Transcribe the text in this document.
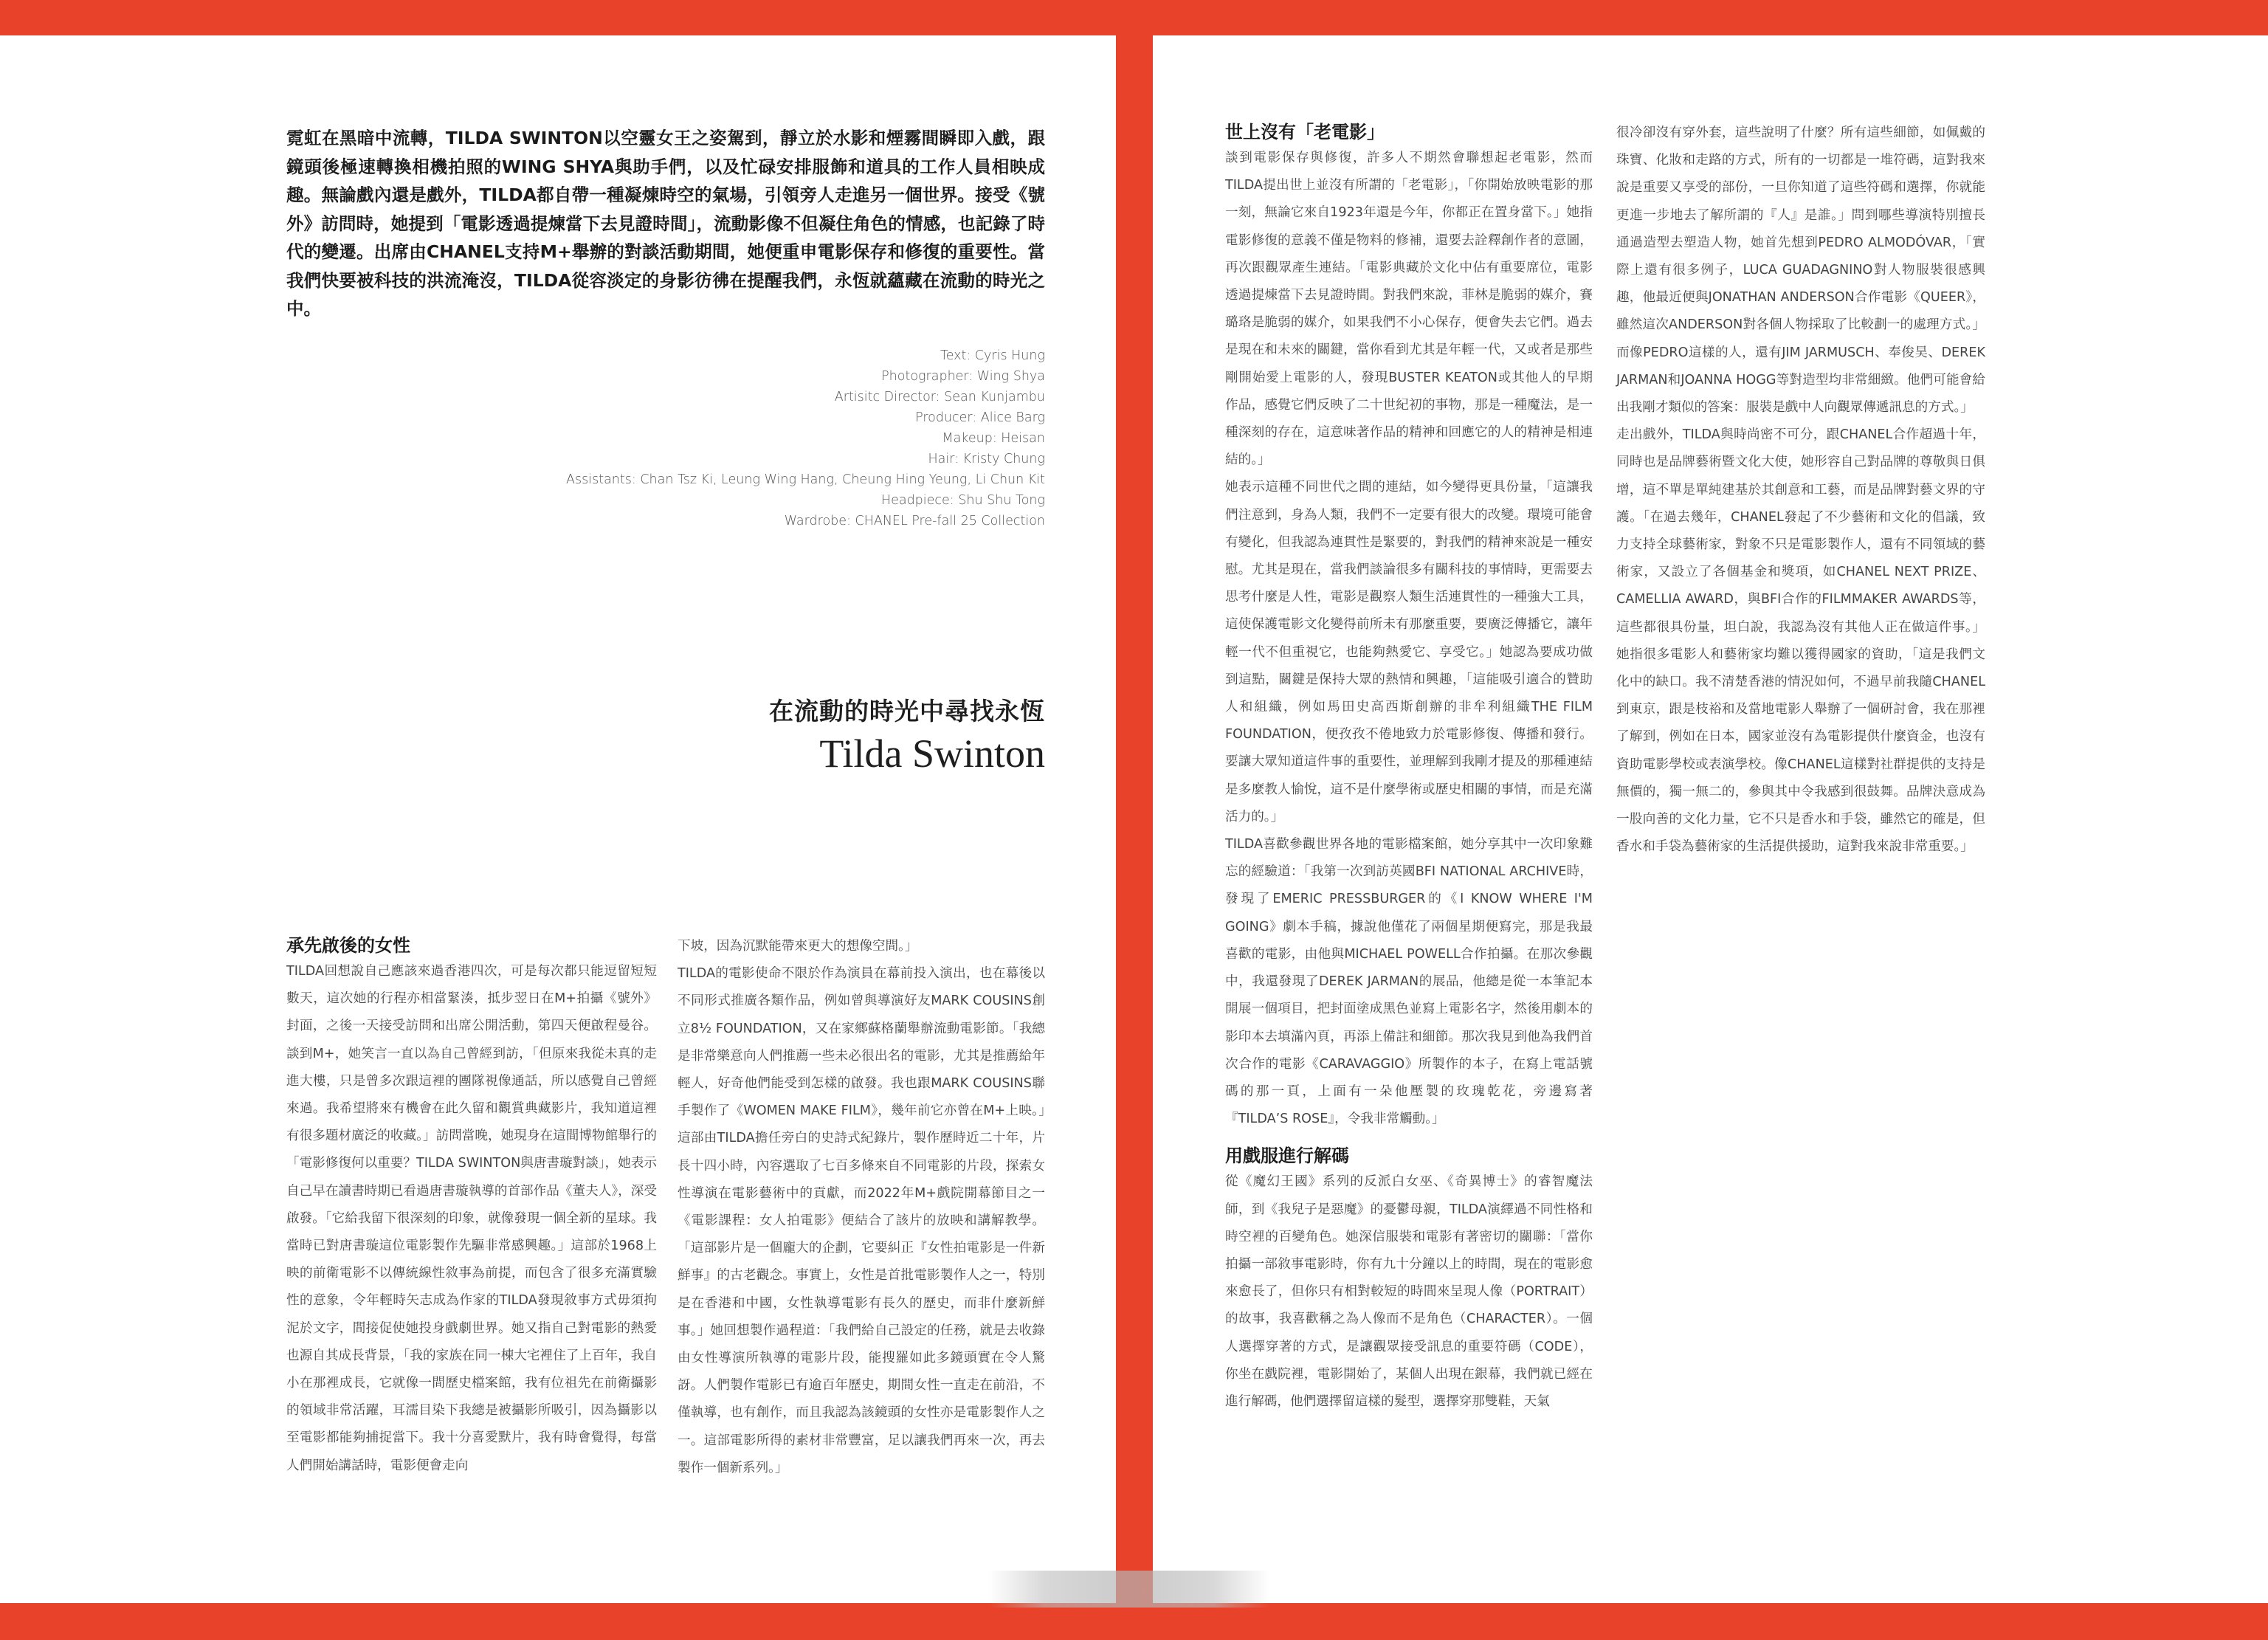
霓虹在黑暗中流轉，TILDA SWINTON以空靈女王之姿駕到，靜立於水影和煙霧間瞬即入戲，跟鏡頭後極速轉換相機拍照的WING SHYA與助手們，以及忙碌安排服飾和道具的工作人員相映成趣。無論戲內還是戲外，TILDA都自帶一種凝煉時空的氣場，引領旁人走進另一個世界。接受《號外》訪問時，她提到「電影透過提煉當下去見證時間」，流動影像不但凝住角色的情感，也記錄了時代的變遷。出席由CHANEL支持M+舉辦的對談活動期間，她便重申電影保存和修復的重要性。當我們快要被科技的洪流淹沒，TILDA從容淡定的身影彷彿在提醒我們，永恆就蘊藏在流動的時光之中。

Text: Cyris Hung
Photographer: Wing Shya
Artisitc Director: Sean Kunjambu
Producer: Alice Barg
Makeup: Heisan
Hair: Kristy Chung
Assistants: Chan Tsz Ki, Leung Wing Hang, Cheung Hing Yeung, Li Chun Kit
Headpiece: Shu Shu Tong
Wardrobe: CHANEL Pre-fall 25 Collection
在流動的時光中尋找永恆
Tilda Swinton
承先啟後的女性

TILDA回想說自己應該來過香港四次，可是每次都只能逗留短短數天，這次她的行程亦相當緊湊，抵步翌日在M+拍攝《號外》封面，之後一天接受訪問和出席公開活動，第四天便啟程曼谷。談到M+，她笑言一直以為自己曾經到訪，「但原來我從未真的走進大樓，只是曾多次跟這裡的團隊視像通話，所以感覺自己曾經來過。我希望將來有機會在此久留和觀賞典藏影片，我知道這裡有很多題材廣泛的收藏。」訪問當晚，她現身在這間博物館舉行的「電影修復何以重要？TILDA SWINTON與唐書璇對談」，她表示自己早在讀書時期已看過唐書璇執導的首部作品《董夫人》，深受啟發。「它給我留下很深刻的印象，就像發現一個全新的星球。我當時已對唐書璇這位電影製作先驅非常感興趣。」這部於1968上映的前衛電影不以傳統線性敘事為前提，而包含了很多充滿實驗性的意象，令年輕時矢志成為作家的TILDA發現敘事方式毋須拘泥於文字，間接促使她投身戲劇世界。她又指自己對電影的熱愛也源自其成長背景，「我的家族在同一棟大宅裡住了上百年，我自小在那裡成長，它就像一間歷史檔案館，我有位祖先在前衛攝影的領域非常活躍，耳濡目染下我總是被攝影所吸引，因為攝影以至電影都能夠捕捉當下。我十分喜愛默片，我有時會覺得，每當人們開始講話時，電影便會走向

下坡，因為沉默能帶來更大的想像空間。」

TILDA的電影使命不限於作為演員在幕前投入演出，也在幕後以不同形式推廣各類作品，例如曾與導演好友MARK COUSINS創立8½ FOUNDATION，又在家鄉蘇格蘭舉辦流動電影節。「我總是非常樂意向人們推薦一些未必很出名的電影，尤其是推薦給年輕人，好奇他們能受到怎樣的啟發。我也跟MARK COUSINS聯手製作了《WOMEN MAKE FILM》，幾年前它亦曾在M+上映。」這部由TILDA擔任旁白的史詩式紀錄片，製作歷時近二十年，片長十四小時，內容選取了七百多條來自不同電影的片段，探索女性導演在電影藝術中的貢獻，而2022年M+戲院開幕節目之一《電影課程：女人拍電影》便結合了該片的放映和講解教學。「這部影片是一個龐大的企劃，它要糾正『女性拍電影是一件新鮮事』的古老觀念。事實上，女性是首批電影製作人之一，特別是在香港和中國，女性執導電影有長久的歷史，而非什麼新鮮事。」她回想製作過程道：「我們給自己設定的任務，就是去收錄由女性導演所執導的電影片段，能搜羅如此多鏡頭實在令人驚訝。人們製作電影已有逾百年歷史，期間女性一直走在前沿，不僅執導，也有創作，而且我認為該鏡頭的女性亦是電影製作人之一。這部電影所得的素材非常豐富，足以讓我們再來一次，再去製作一個新系列。」

世上沒有「老電影」

談到電影保存與修復，許多人不期然會聯想起老電影，然而TILDA提出世上並沒有所謂的「老電影」，「你開始放映電影的那一刻，無論它來自1923年還是今年，你都正在置身當下。」她指電影修復的意義不僅是物料的修補，還要去詮釋創作者的意圖，再次跟觀眾產生連結。「電影典藏於文化中佔有重要席位，電影透過提煉當下去見證時間。對我們來說，菲林是脆弱的媒介，賽璐珞是脆弱的媒介，如果我們不小心保存，便會失去它們。過去是現在和未來的關鍵，當你看到尤其是年輕一代，又或者是那些剛開始愛上電影的人，發現BUSTER KEATON或其他人的早期作品，感覺它們反映了二十世紀初的事物，那是一種魔法，是一種深刻的存在，這意味著作品的精神和回應它的人的精神是相連結的。」

她表示這種不同世代之間的連結，如今變得更具份量，「這讓我們注意到，身為人類，我們不一定要有很大的改變。環境可能會有變化，但我認為連貫性是緊要的，對我們的精神來說是一種安慰。尤其是現在，當我們談論很多有關科技的事情時，更需要去思考什麼是人性，電影是觀察人類生活連貫性的一種強大工具，這使保護電影文化變得前所未有那麼重要，要廣泛傳播它，讓年輕一代不但重視它，也能夠熱愛它、享受它。」她認為要成功做到這點，關鍵是保持大眾的熱情和興趣，「這能吸引適合的贊助人和組織，例如馬田史高西斯創辦的非牟利組織THE FILM FOUNDATION，便孜孜不倦地致力於電影修復、傳播和發行。要讓大眾知道這件事的重要性，並理解到我剛才提及的那種連結是多麼教人愉悅，這不是什麼學術或歷史相關的事情，而是充滿活力的。」

TILDA喜歡參觀世界各地的電影檔案館，她分享其中一次印象難忘的經驗道：「我第一次到訪英國BFI NATIONAL ARCHIVE時，發現了EMERIC PRESSBURGER的《I KNOW WHERE I'M GOING》劇本手稿，據說他僅花了兩個星期便寫完，那是我最喜歡的電影，由他與MICHAEL POWELL合作拍攝。在那次參觀中，我還發現了DEREK JARMAN的展品，他總是從一本筆記本開展一個項目，把封面塗成黑色並寫上電影名字，然後用劇本的影印本去填滿內頁，再添上備註和細節。那次我見到他為我們首次合作的電影《CARAVAGGIO》所製作的本子，在寫上電話號碼的那一頁，上面有一朵他壓製的玫瑰乾花，旁邊寫著『TILDA’S ROSE』，令我非常觸動。」

用戲服進行解碼

從《魔幻王國》系列的反派白女巫、《奇異博士》的睿智魔法師，到《我兒子是惡魔》的憂鬱母親，TILDA演繹過不同性格和時空裡的百變角色。她深信服裝和電影有著密切的關聯：「當你拍攝一部敘事電影時，你有九十分鐘以上的時間，現在的電影愈來愈長了，但你只有相對較短的時間來呈現人像（PORTRAIT）的故事，我喜歡稱之為人像而不是角色（CHARACTER）。一個人選擇穿著的方式，是讓觀眾接受訊息的重要符碼（CODE），你坐在戲院裡，電影開始了，某個人出現在銀幕，我們就已經在進行解碼，他們選擇留這樣的髮型，選擇穿那雙鞋，天氣

很冷卻沒有穿外套，這些說明了什麼？所有這些細節，如佩戴的珠寶、化妝和走路的方式，所有的一切都是一堆符碼，這對我來說是重要又享受的部份，一旦你知道了這些符碼和選擇，你就能更進一步地去了解所謂的『人』是誰。」問到哪些導演特別擅長通過造型去塑造人物，她首先想到PEDRO ALMODÓVAR，「實際上還有很多例子，LUCA GUADAGNINO對人物服裝很感興趣，他最近便與JONATHAN ANDERSON合作電影《QUEER》，雖然這次ANDERSON對各個人物採取了比較劃一的處理方式。」而像PEDRO這樣的人，還有JIM JARMUSCH、奉俊昊、DEREK JARMAN和JOANNA HOGG等對造型均非常細緻。他們可能會給出我剛才類似的答案：服裝是戲中人向觀眾傳遞訊息的方式。」

走出戲外，TILDA與時尚密不可分，跟CHANEL合作超過十年，同時也是品牌藝術暨文化大使，她形容自己對品牌的尊敬與日俱增，這不單是單純建基於其創意和工藝，而是品牌對藝文界的守護。「在過去幾年，CHANEL發起了不少藝術和文化的倡議，致力支持全球藝術家，對象不只是電影製作人，還有不同領域的藝術家，又設立了各個基金和獎項，如CHANEL NEXT PRIZE、CAMELLIA AWARD，與BFI合作的FILMMAKER AWARDS等，這些都很具份量，坦白說，我認為沒有其他人正在做這件事。」她指很多電影人和藝術家均難以獲得國家的資助，「這是我們文化中的缺口。我不清楚香港的情況如何，不過早前我隨CHANEL到東京，跟是枝裕和及當地電影人舉辦了一個研討會，我在那裡了解到，例如在日本，國家並沒有為電影提供什麼資金，也沒有資助電影學校或表演學校。像CHANEL這樣對社群提供的支持是無價的，獨一無二的，參與其中令我感到很鼓舞。品牌決意成為一股向善的文化力量，它不只是香水和手袋，雖然它的確是，但香水和手袋為藝術家的生活提供援助，這對我來說非常重要。」
